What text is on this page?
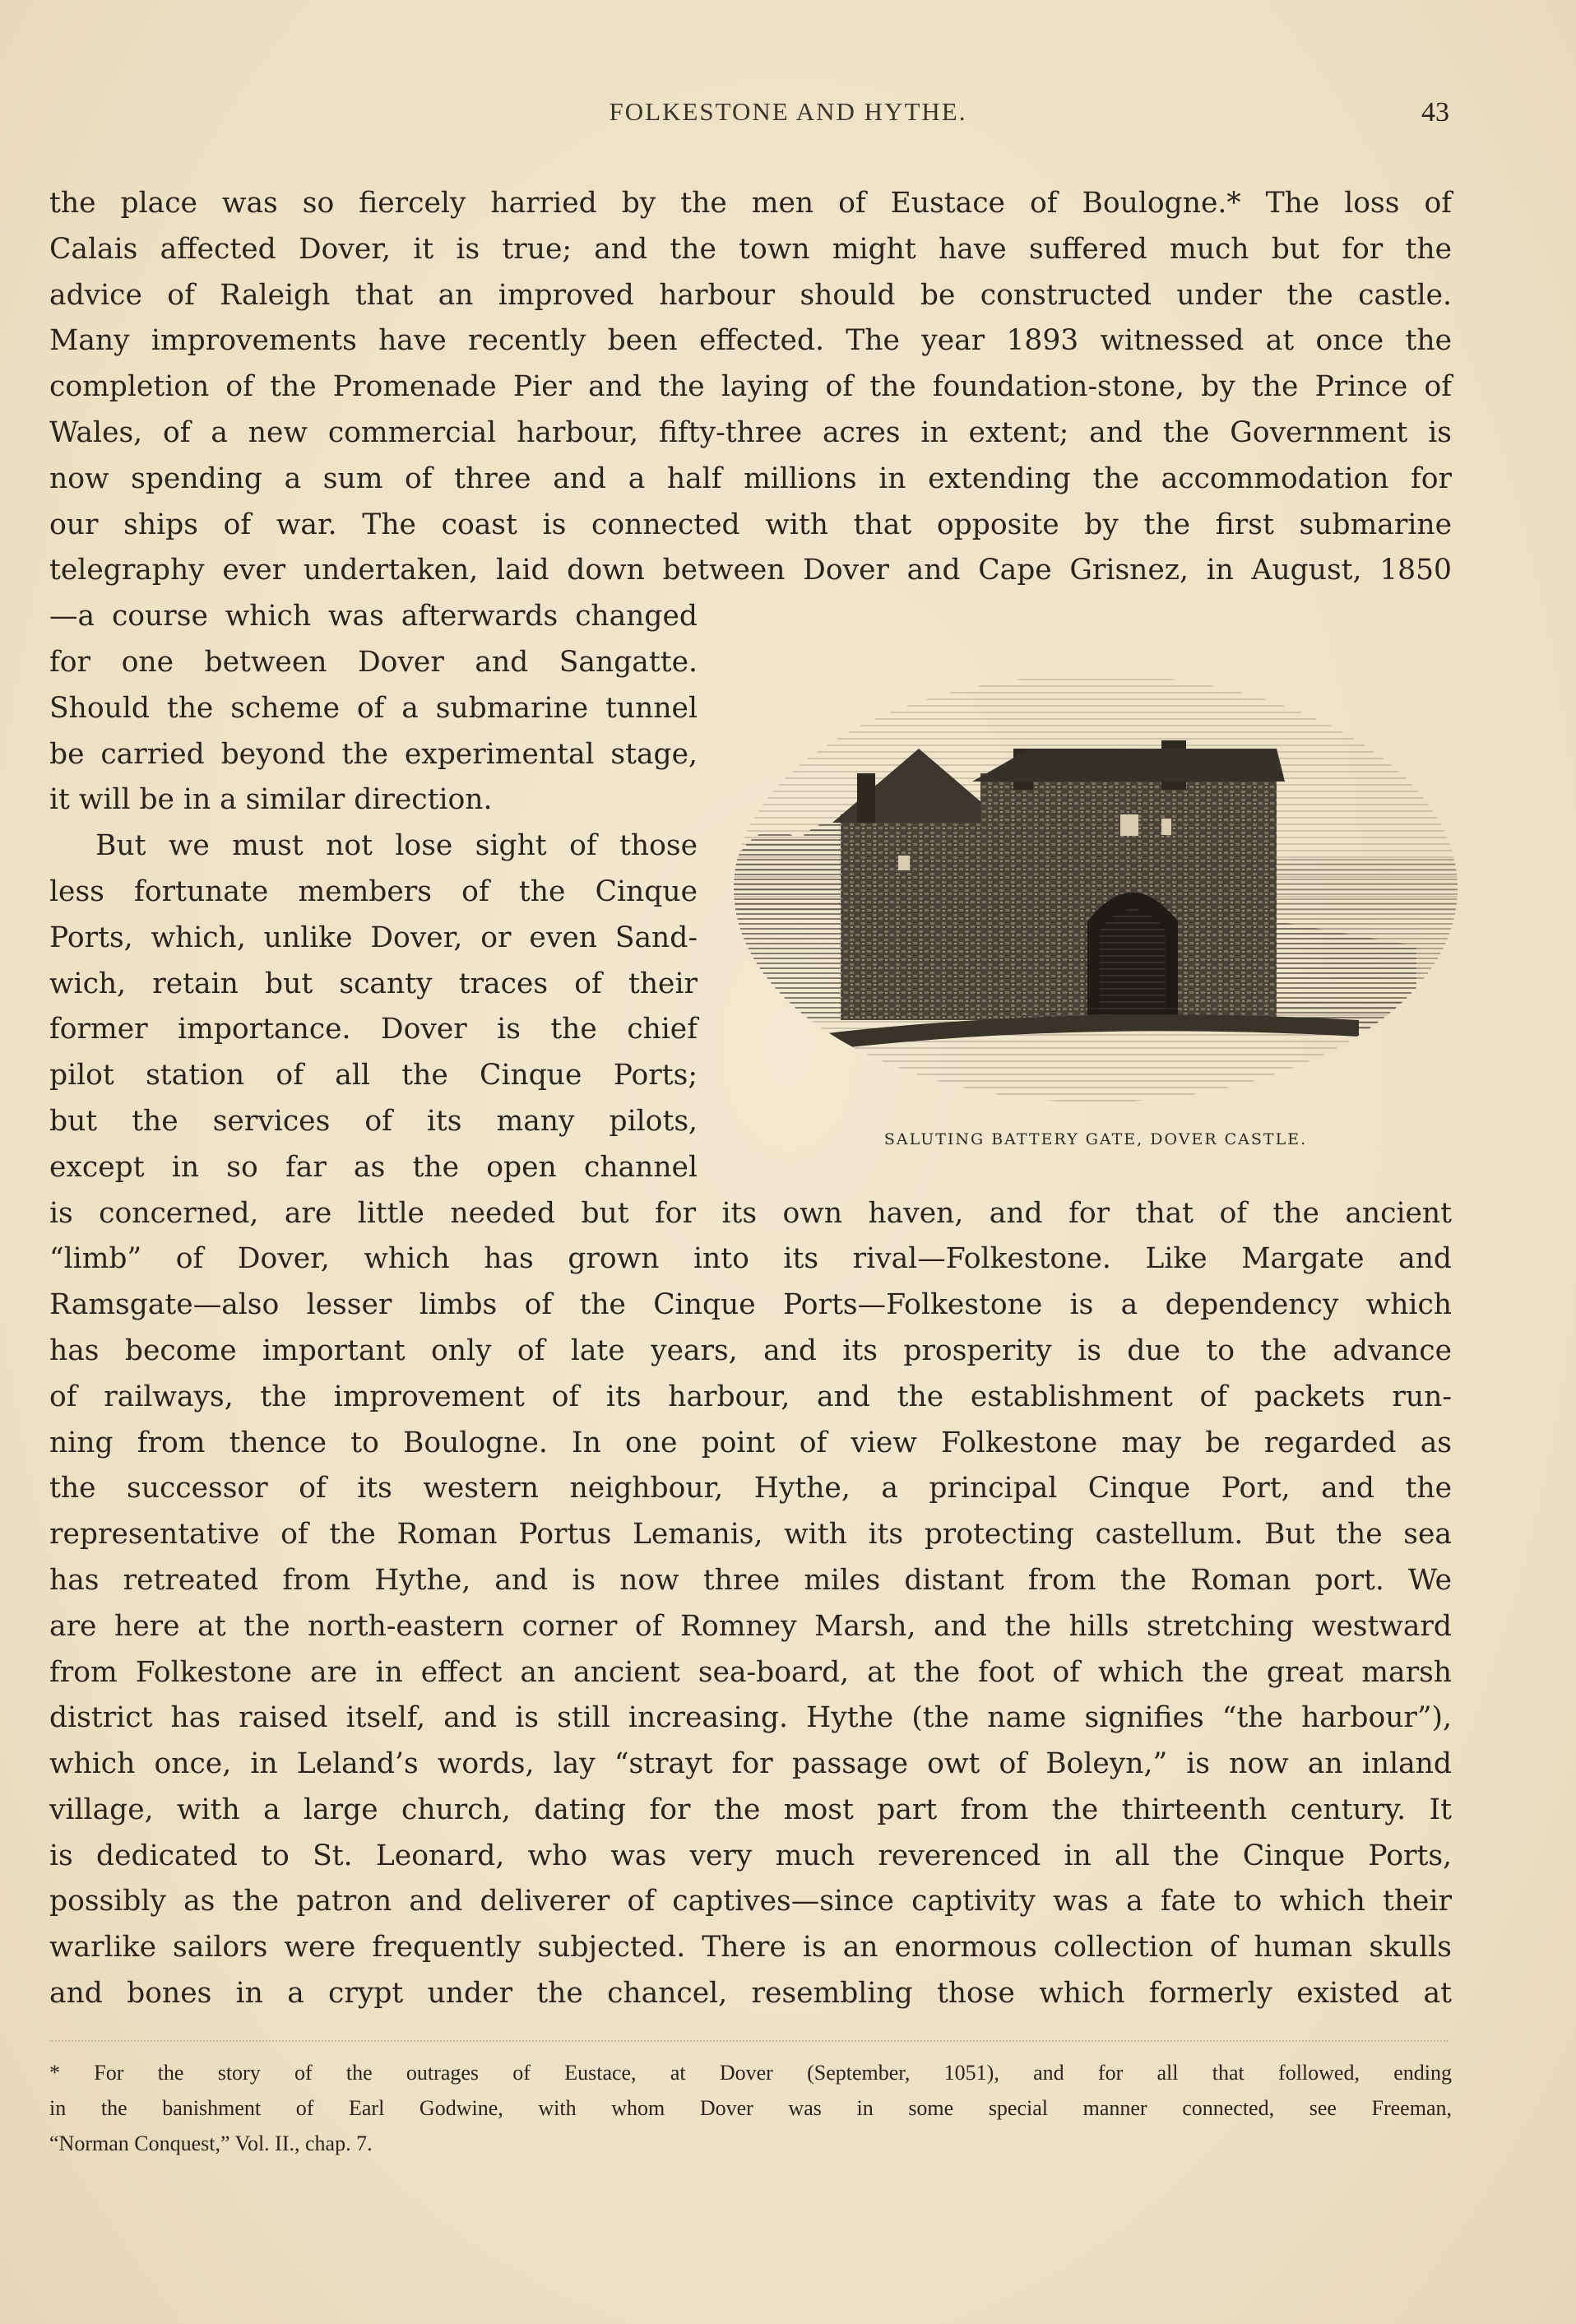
FOLKESTONE AND HYTHE.	43
the place was so fiercely harried by the men of Eustace of Boulogne.* The loss of
Calais affected Dover, it is true; and the town might have suffered much but for the
advice of Raleigh that an improved harbour should be constructed under the castle.
Many improvements have recently been effected. The year 1893 witnessed at once the
completion of the Promenade Pier and the laying of the foundation-stone, by the Prince of
Wales, of a new commercial harbour, fifty-three acres in extent; and the Government is
now spending a sum of three and a half millions in extending the accommodation for
our ships of war. The coast is connected with that opposite by the first submarine
telegraphy ever undertaken, laid down between Dover and Cape Grisnez, in August, 1850
—a course which was afterwards changed
for one between Dover and Sangatte.
Should the scheme of a submarine tunnel
be carried beyond the experimental stage,
it will be in a similar direction.
But we must not lose sight of those
less fortunate members of the Cinque
Ports, which, unlike Dover, or even Sand-
wich, retain but scanty traces of their
former importance. Dover is the chief
pilot station of all the Cinque Ports;
but the services of its many pilots,
except in so far as the open channel
is concerned, are little needed but for its own haven, and for that of the ancient
“limb” of Dover, which has grown into its rival—Folkestone. Like Margate and
Ramsgate—also lesser limbs of the Cinque Ports—Folkestone is a dependency which
has become important only of late years, and its prosperity is due to the advance
of railways, the improvement of its harbour, and the establishment of packets run-
ning from thence to Boulogne. In one point of view Folkestone may be regarded as
the successor of its western neighbour, Hythe, a principal Cinque Port, and the
representative of the Roman Portus Lemanis, with its protecting castellum. But the sea
has retreated from Hythe, and is now three miles distant from the Roman port. We
are here at the north-eastern corner of Romney Marsh, and the hills stretching westward
from Folkestone are in effect an ancient sea-board, at the foot of which the great marsh
district has raised itself, and is still increasing. Hythe (the name signifies “the harbour”),
which once, in Leland’s words, lay “strayt for passage owt of Boleyn,” is now an inland
village, with a large church, dating for the most part from the thirteenth century. It
is dedicated to St. Leonard, who was very much reverenced in all the Cinque Ports,
possibly as the patron and deliverer of captives—since captivity was a fate to which their
warlike sailors were frequently subjected. There is an enormous collection of human skulls
and bones in a crypt under the chancel, resembling those which formerly existed at
SALUTING BATTERY GATE, DOVER CASTLE.
* For the story of the outrages of Eustace, at Dover (September, 1051), and for all that followed, ending
in the banishment of Earl Godwine, with whom Dover was in some special manner connected, see Freeman,
“Norman Conquest,” Vol. II., chap. 7.
